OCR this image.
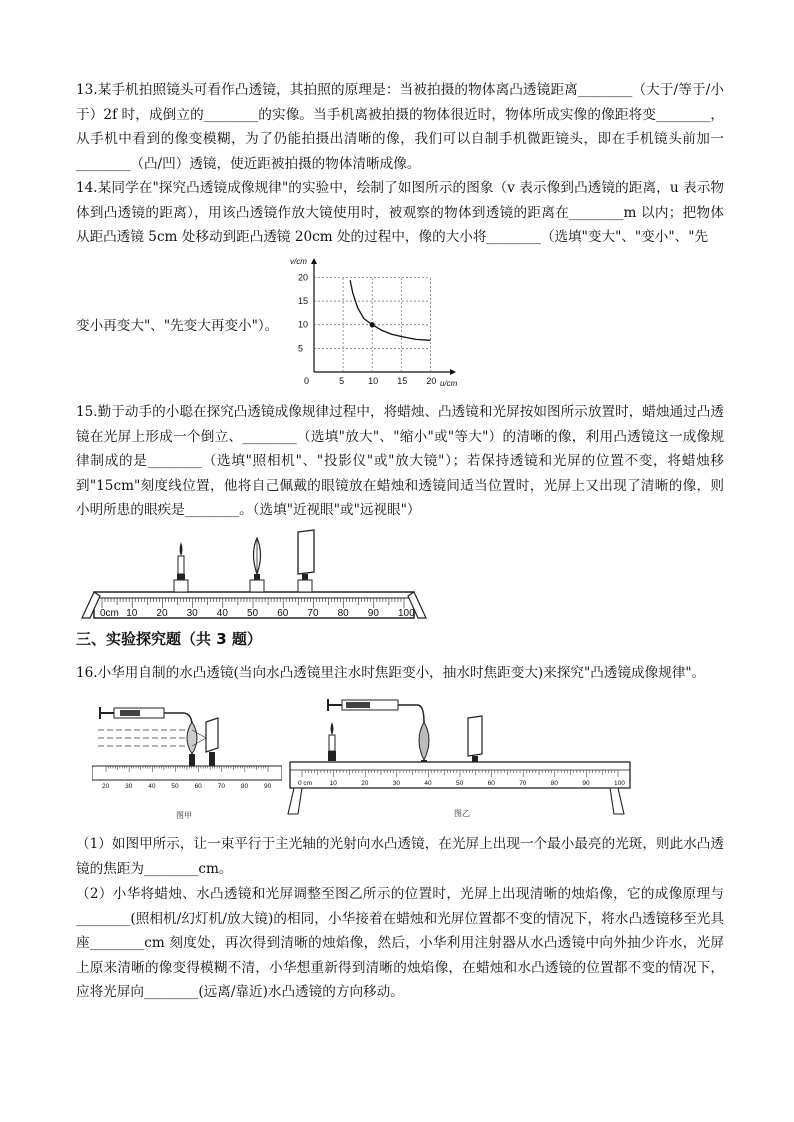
13.某手机拍照镜头可看作凸透镜，其拍照的原理是：当被拍摄的物体离凸透镜距离________（大于/等于/小于）2f 时，成倒立的________的实像。当手机离被拍摄的物体很近时，物体所成实像的像距将变________，从手机中看到的像变模糊，为了仍能拍摄出清晰的像，我们可以自制手机微距镜头，即在手机镜头前加一________（凸/凹）透镜，使近距被拍摄的物体清晰成像。

14.某同学在"探究凸透镜成像规律"的实验中，绘制了如图所示的图象（v 表示像到凸透镜的距离，u 表示物体到凸透镜的距离），用该凸透镜作放大镜使用时，被观察的物体到透镜的距离在________m 以内；把物体从距凸透镜 5cm 处移动到距凸透镜 20cm 处的过程中，像的大小将________（选填"变大"、"变小"、"先

变小再变大"、"先变大再变小"）。

v/cm
u/cm
0
5
10
15
20
5	10 15 20

15.勤于动手的小聪在探究凸透镜成像规律过程中，将蜡烛、凸透镜和光屏按如图所示放置时，蜡烛通过凸透镜在光屏上形成一个倒立、________（选填"放大"、"缩小"或"等大"）的清晰的像，利用凸透镜这一成像规律制成的是________（选填"照相机"、"投影仪"或"放大镜"）；若保持透镜和光屏的位置不变，将蜡烛移到"15cm"刻度线位置，他将自己佩戴的眼镜放在蜡烛和透镜间适当位置时，光屏上又出现了清晰的像，则小明所患的眼疾是________。（选填"近视眼"或"远视眼"）

0cm 10 20 30 40 50 60 70 80 90 100
三、实验探究题（共 3 题）

16.小华用自制的水凸透镜(当向水凸透镜里注水时焦距变小，抽水时焦距变大)来探究"凸透镜成像规律"。

20 30 40 50 60 70 80 90
图甲
0 cm	10	20	30	40	50	60	70	80	90	100
图乙

（1）如图甲所示，让一束平行于主光轴的光射向水凸透镜，在光屏上出现一个最小最亮的光斑，则此水凸透镜的焦距为________cm。

（2）小华将蜡烛、水凸透镜和光屏调整至图乙所示的位置时，光屏上出现清晰的烛焰像，它的成像原理与________(照相机/幻灯机/放大镜)的相同，小华接着在蜡烛和光屏位置都不变的情况下，将水凸透镜移至光具座________cm 刻度处，再次得到清晰的烛焰像，然后，小华利用注射器从水凸透镜中向外抽少许水，光屏上原来清晰的像变得模糊不清，小华想重新得到清晰的烛焰像，在蜡烛和水凸透镜的位置都不变的情况下，应将光屏向________(远离/靠近)水凸透镜的方向移动。
